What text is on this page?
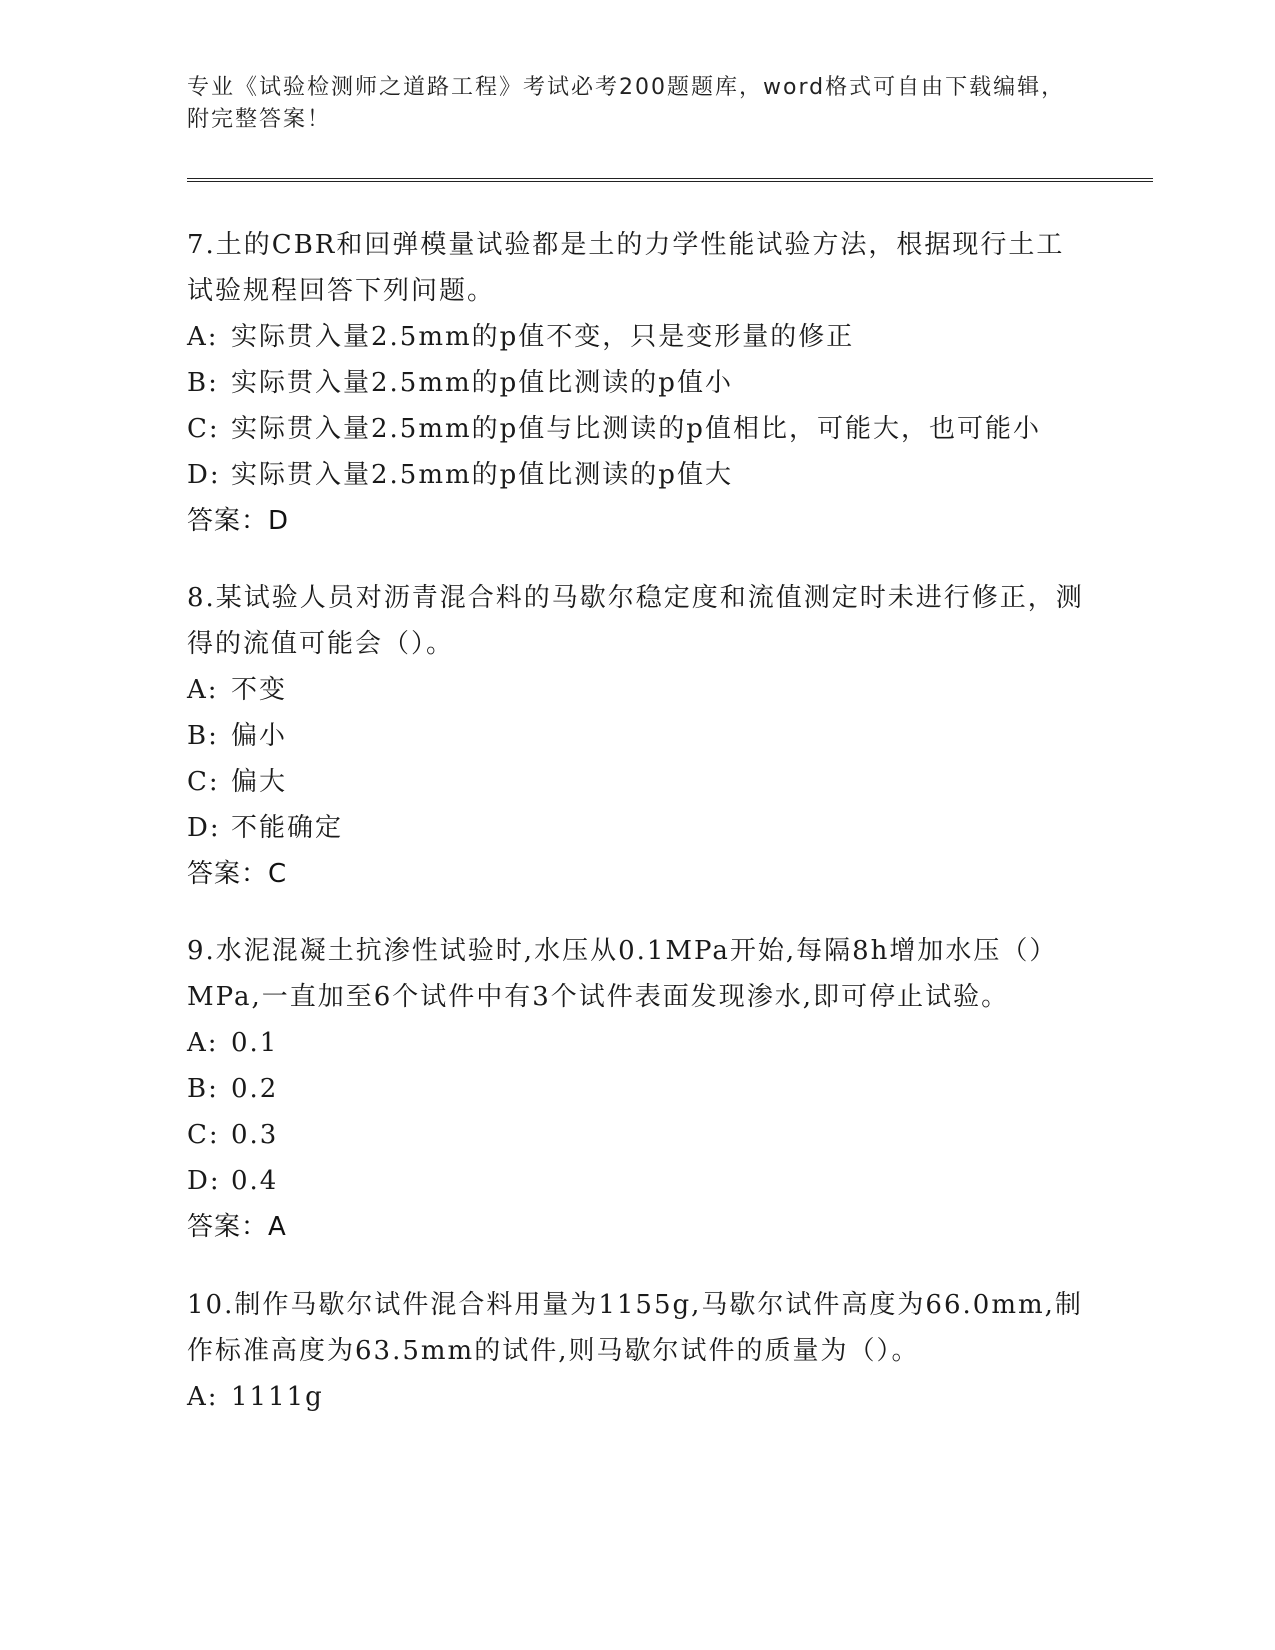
专业《试验检测师之道路工程》考试必考200题题库，word格式可自由下载编辑，附完整答案！
7.土的CBR和回弹模量试验都是土的力学性能试验方法，根据现行土工试验规程回答下列问题。
A: 实际贯入量2.5mm的p值不变，只是变形量的修正
B: 实际贯入量2.5mm的p值比测读的p值小
C: 实际贯入量2.5mm的p值与比测读的p值相比，可能大，也可能小
D: 实际贯入量2.5mm的p值比测读的p值大
答案：D
8.某试验人员对沥青混合料的马歇尔稳定度和流值测定时未进行修正，测得的流值可能会（）。
A: 不变
B: 偏小
C: 偏大
D: 不能确定
答案：C
9.水泥混凝土抗渗性试验时,水压从0.1MPa开始,每隔8h增加水压（）MPa,一直加至6个试件中有3个试件表面发现渗水,即可停止试验。
A: 0.1
B: 0.2
C: 0.3
D: 0.4
答案：A
10.制作马歇尔试件混合料用量为1155g,马歇尔试件高度为66.0mm,制作标准高度为63.5mm的试件,则马歇尔试件的质量为（）。
A: 1111g
